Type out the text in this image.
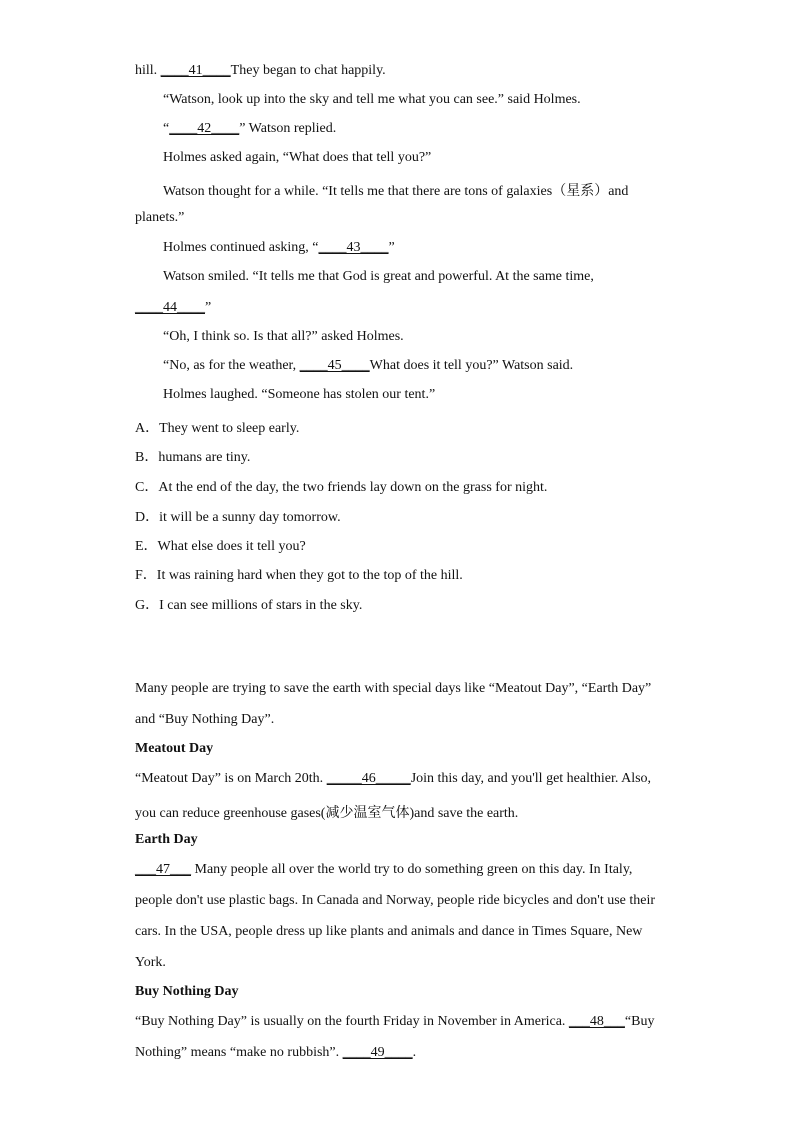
hill. ____41____They began to chat happily.
“Watson, look up into the sky and tell me what you can see.” said Holmes.
“____42____” Watson replied.
Holmes asked again, “What does that tell you?”
Watson thought for a while. “It tells me that there are tons of galaxies（星系）and
planets.”
Holmes continued asking, “____43____”
Watson smiled. “It tells me that God is great and powerful. At the same time,
____44____”
“Oh, I think so. Is that all?” asked Holmes.
“No, as for the weather, ____45____What does it tell you?” Watson said.
Holmes laughed. “Someone has stolen our tent.”
A．They went to sleep early.
B．humans are tiny.
C．At the end of the day, the two friends lay down on the grass for night.
D．it will be a sunny day tomorrow.
E．What else does it tell you?
F．It was raining hard when they got to the top of the hill.
G．I can see millions of stars in the sky.
Many people are trying to save the earth with special days like “Meatout Day”, “Earth Day”
and “Buy Nothing Day”.
Meatout Day
“Meatout Day” is on March 20th. _____46_____Join this day, and you'll get healthier. Also,
you can reduce greenhouse gases(减少温室气体)and save the earth.
Earth Day
___47___ Many people all over the world try to do something green on this day. In Italy,
people don't use plastic bags. In Canada and Norway, people ride bicycles and don't use their
cars. In the USA, people dress up like plants and animals and dance in Times Square, New
York.
Buy Nothing Day
“Buy Nothing Day” is usually on the fourth Friday in November in America. ___48___“Buy
Nothing” means “make no rubbish”. ____49____.
